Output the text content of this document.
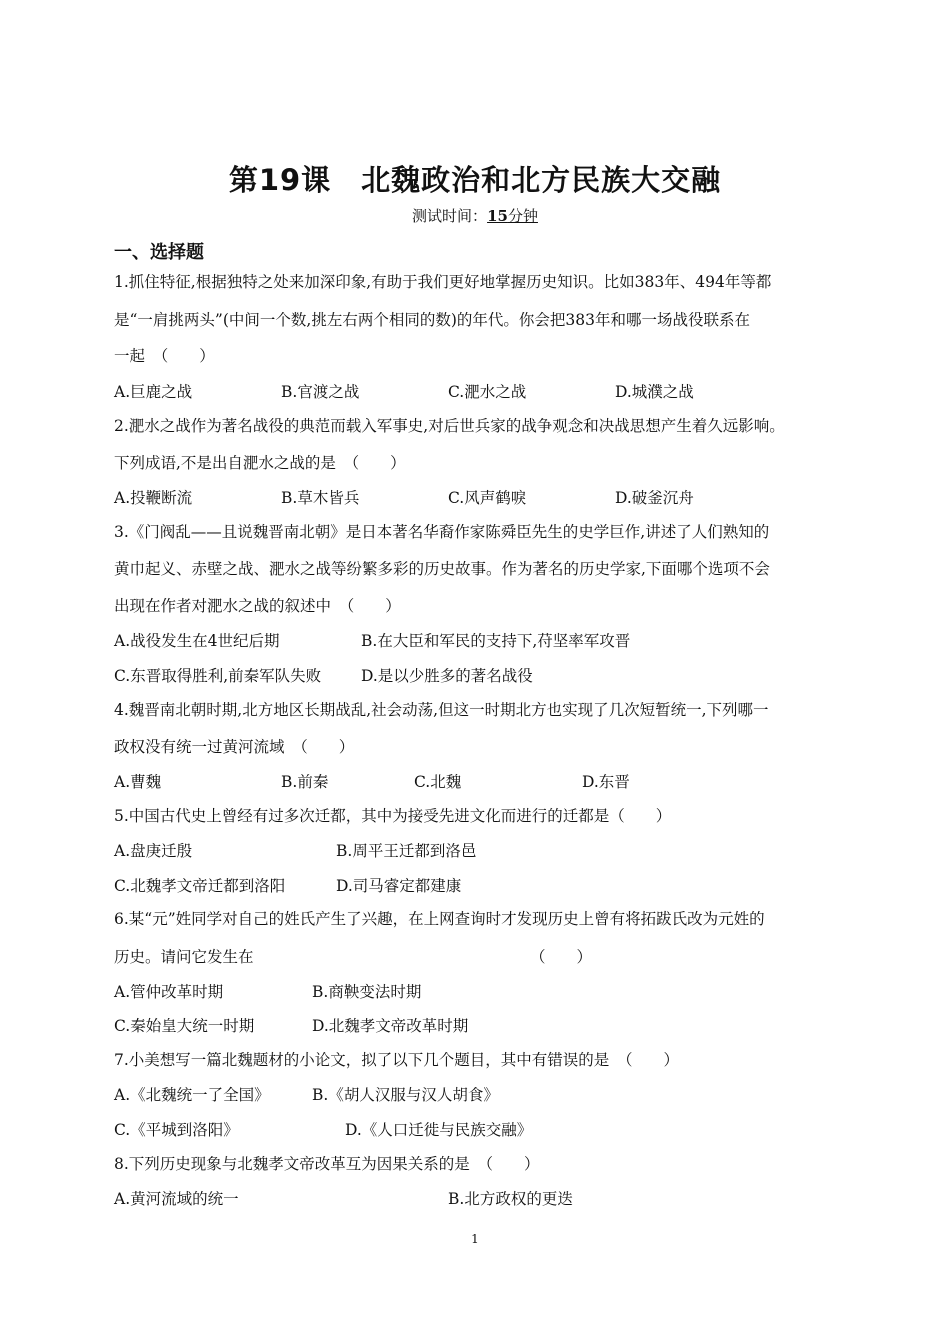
第19课　北魏政治和北方民族大交融
测试时间：15分钟
一、选择题
1.抓住特征,根据独特之处来加深印象,有助于我们更好地掌握历史知识。比如383年、494年等都
是“一肩挑两头”(中间一个数,挑左右两个相同的数)的年代。你会把383年和哪一场战役联系在
一起　（　　）
A.巨鹿之战	B.官渡之战	C.淝水之战	D.城濮之战
2.淝水之战作为著名战役的典范而载入军事史,对后世兵家的战争观念和决战思想产生着久远影响。
下列成语,不是出自淝水之战的是　（　　）
A.投鞭断流	B.草木皆兵	C.风声鹤唳	D.破釜沉舟
3.《门阀乱——且说魏晋南北朝》是日本著名华裔作家陈舜臣先生的史学巨作,讲述了人们熟知的
黄巾起义、赤壁之战、淝水之战等纷繁多彩的历史故事。作为著名的历史学家,下面哪个选项不会
出现在作者对淝水之战的叙述中　（　　）
A.战役发生在4世纪后期	B.在大臣和军民的支持下,苻坚率军攻晋
C.东晋取得胜利,前秦军队失败	D.是以少胜多的著名战役
4.魏晋南北朝时期,北方地区长期战乱,社会动荡,但这一时期北方也实现了几次短暂统一,下列哪一
政权没有统一过黄河流域　（　　）
A.曹魏	B.前秦	C.北魏	D.东晋
5.中国古代史上曾经有过多次迁都，其中为接受先进文化而进行的迁都是（　　）
A.盘庚迁殷	B.周平王迁都到洛邑
C.北魏孝文帝迁都到洛阳	D.司马睿定都建康
6.某“元”姓同学对自己的姓氏产生了兴趣，在上网查询时才发现历史上曾有将拓跋氏改为元姓的
历史。请问它发生在	（　　）
A.管仲改革时期	B.商鞅变法时期
C.秦始皇大统一时期	D.北魏孝文帝改革时期
7.小美想写一篇北魏题材的小论文，拟了以下几个题目，其中有错误的是　（　　）
A.《北魏统一了全国》	B.《胡人汉服与汉人胡食》
C.《平城到洛阳》	D.《人口迁徙与民族交融》
8.下列历史现象与北魏孝文帝改革互为因果关系的是　（　　）
A.黄河流域的统一	B.北方政权的更迭
1
